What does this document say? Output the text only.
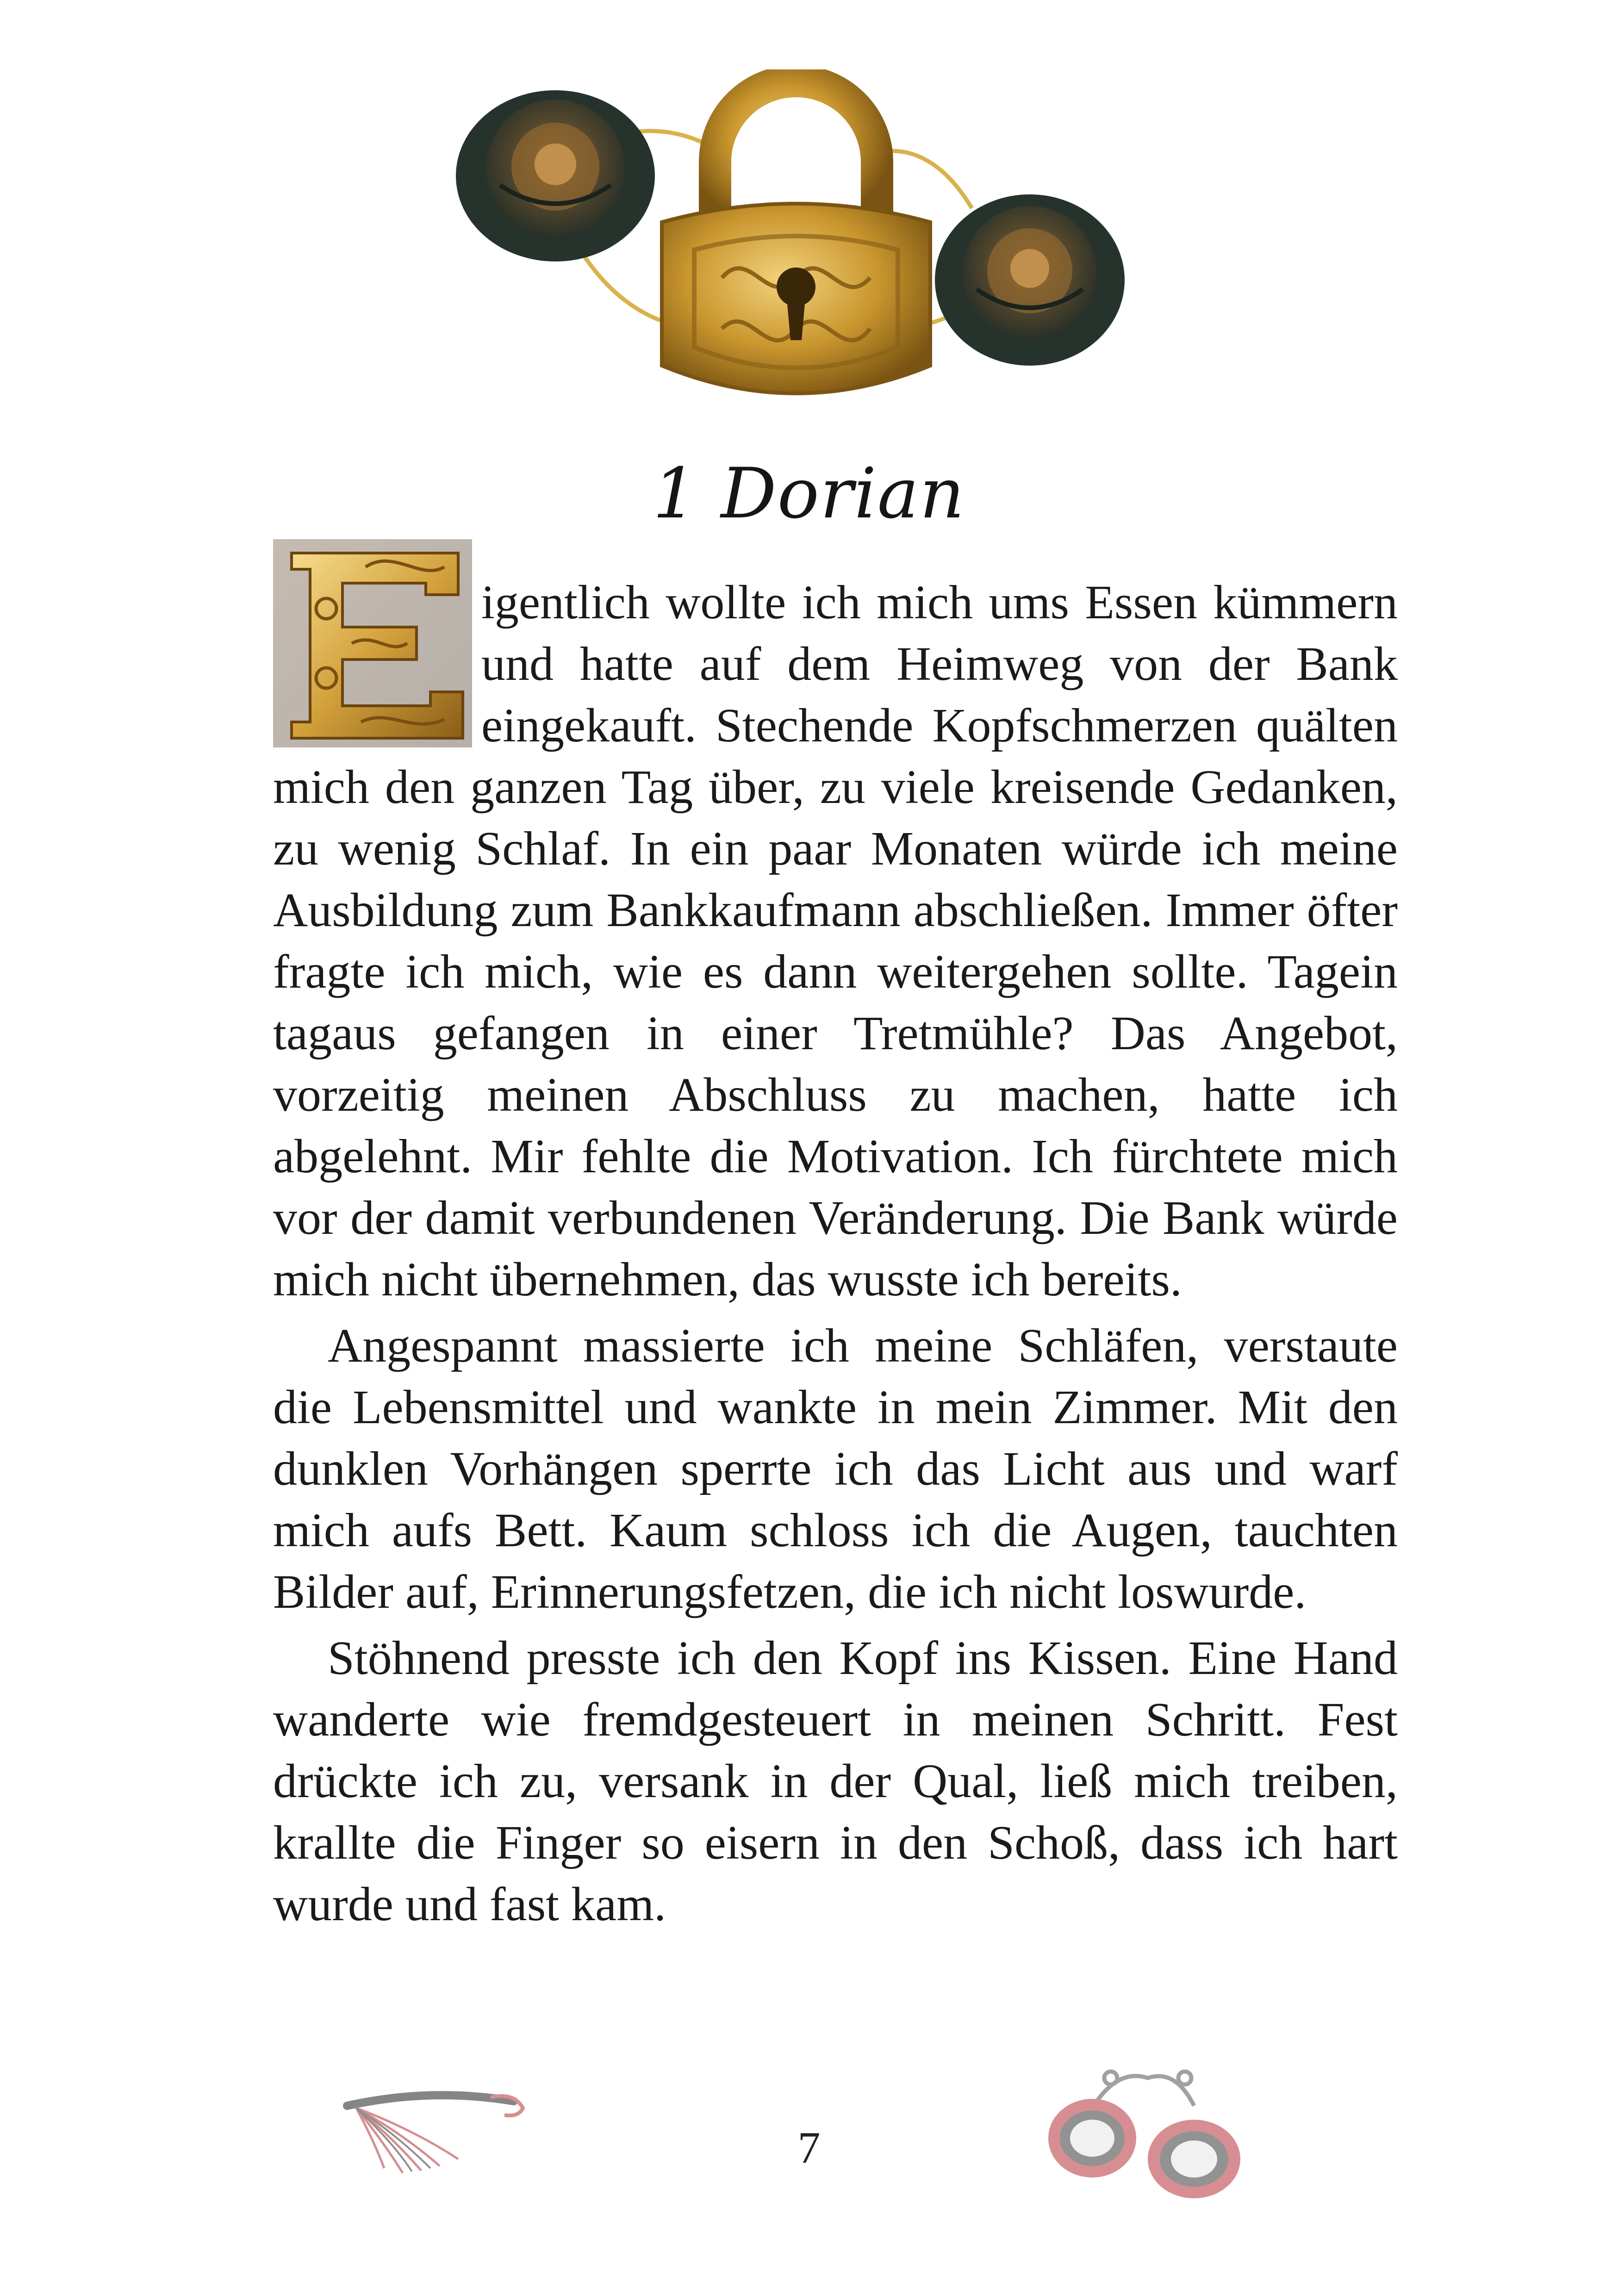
1 Dorian

igentlich wollte ich mich ums Essen kümmern und hatte auf dem Heimweg von der Bank eingekauft. Stechende Kopfschmerzen quälten mich den ganzen Tag über, zu viele kreisende Gedanken, zu wenig Schlaf. In ein paar Monaten würde ich meine Ausbildung zum Bankkaufmann abschließen. Immer öfter fragte ich mich, wie es dann weitergehen sollte. Tagein tagaus gefangen in einer Tretmühle? Das Angebot, vorzeitig meinen Abschluss zu machen, hatte ich abgelehnt. Mir fehlte die Motivation. Ich fürchtete mich vor der damit verbundenen Veränderung. Die Bank würde mich nicht übernehmen, das wusste ich bereits.

Angespannt massierte ich meine Schläfen, verstaute die Lebensmittel und wankte in mein Zimmer. Mit den dunklen Vorhängen sperrte ich das Licht aus und warf mich aufs Bett. Kaum schloss ich die Augen, tauchten Bilder auf, Erinnerungsfetzen, die ich nicht loswurde.

Stöhnend presste ich den Kopf ins Kissen. Eine Hand wanderte wie fremdgesteuert in meinen Schritt. Fest drückte ich zu, versank in der Qual, ließ mich treiben, krallte die Finger so eisern in den Schoß, dass ich hart wurde und fast kam.

7
